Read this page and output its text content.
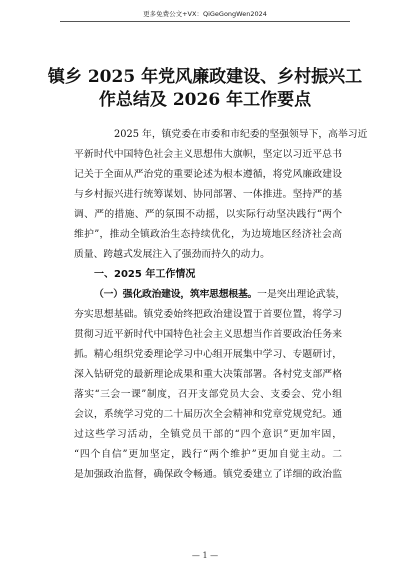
更多免费公文+VX：QiGeGongWen2024
镇乡 2025 年党风廉政建设、乡村振兴工
作总结及 2026 年工作要点
2025 年，镇党委在市委和市纪委的坚强领导下，高举习近
平新时代中国特色社会主义思想伟大旗帜，坚定以习近平总书
记关于全面从严治党的重要论述为根本遵循，将党风廉政建设
与乡村振兴进行统筹谋划、协同部署、一体推进。坚持严的基
调、严的措施、严的氛围不动摇，以实际行动坚决践行“两个
维护”，推动全镇政治生态持续优化，为边境地区经济社会高
质量、跨越式发展注入了强劲而持久的动力。
一、2025 年工作情况
（一）强化政治建设，筑牢思想根基。一是突出理论武装，
夯实思想基础。镇党委始终把政治建设置于首要位置，将学习
贯彻习近平新时代中国特色社会主义思想当作首要政治任务来
抓。精心组织党委理论学习中心组开展集中学习、专题研讨，
深入钻研党的最新理论成果和重大决策部署。各村党支部严格
落实“三会一课”制度，召开支部党员大会、支委会、党小组
会议，系统学习党的二十届历次全会精神和党章党规党纪。通
过这些学习活动，全镇党员干部的“四个意识”更加牢固，
“四个自信”更加坚定，践行“两个维护”更加自觉主动。二
是加强政治监督，确保政令畅通。镇党委建立了详细的政治监
— 1 —
